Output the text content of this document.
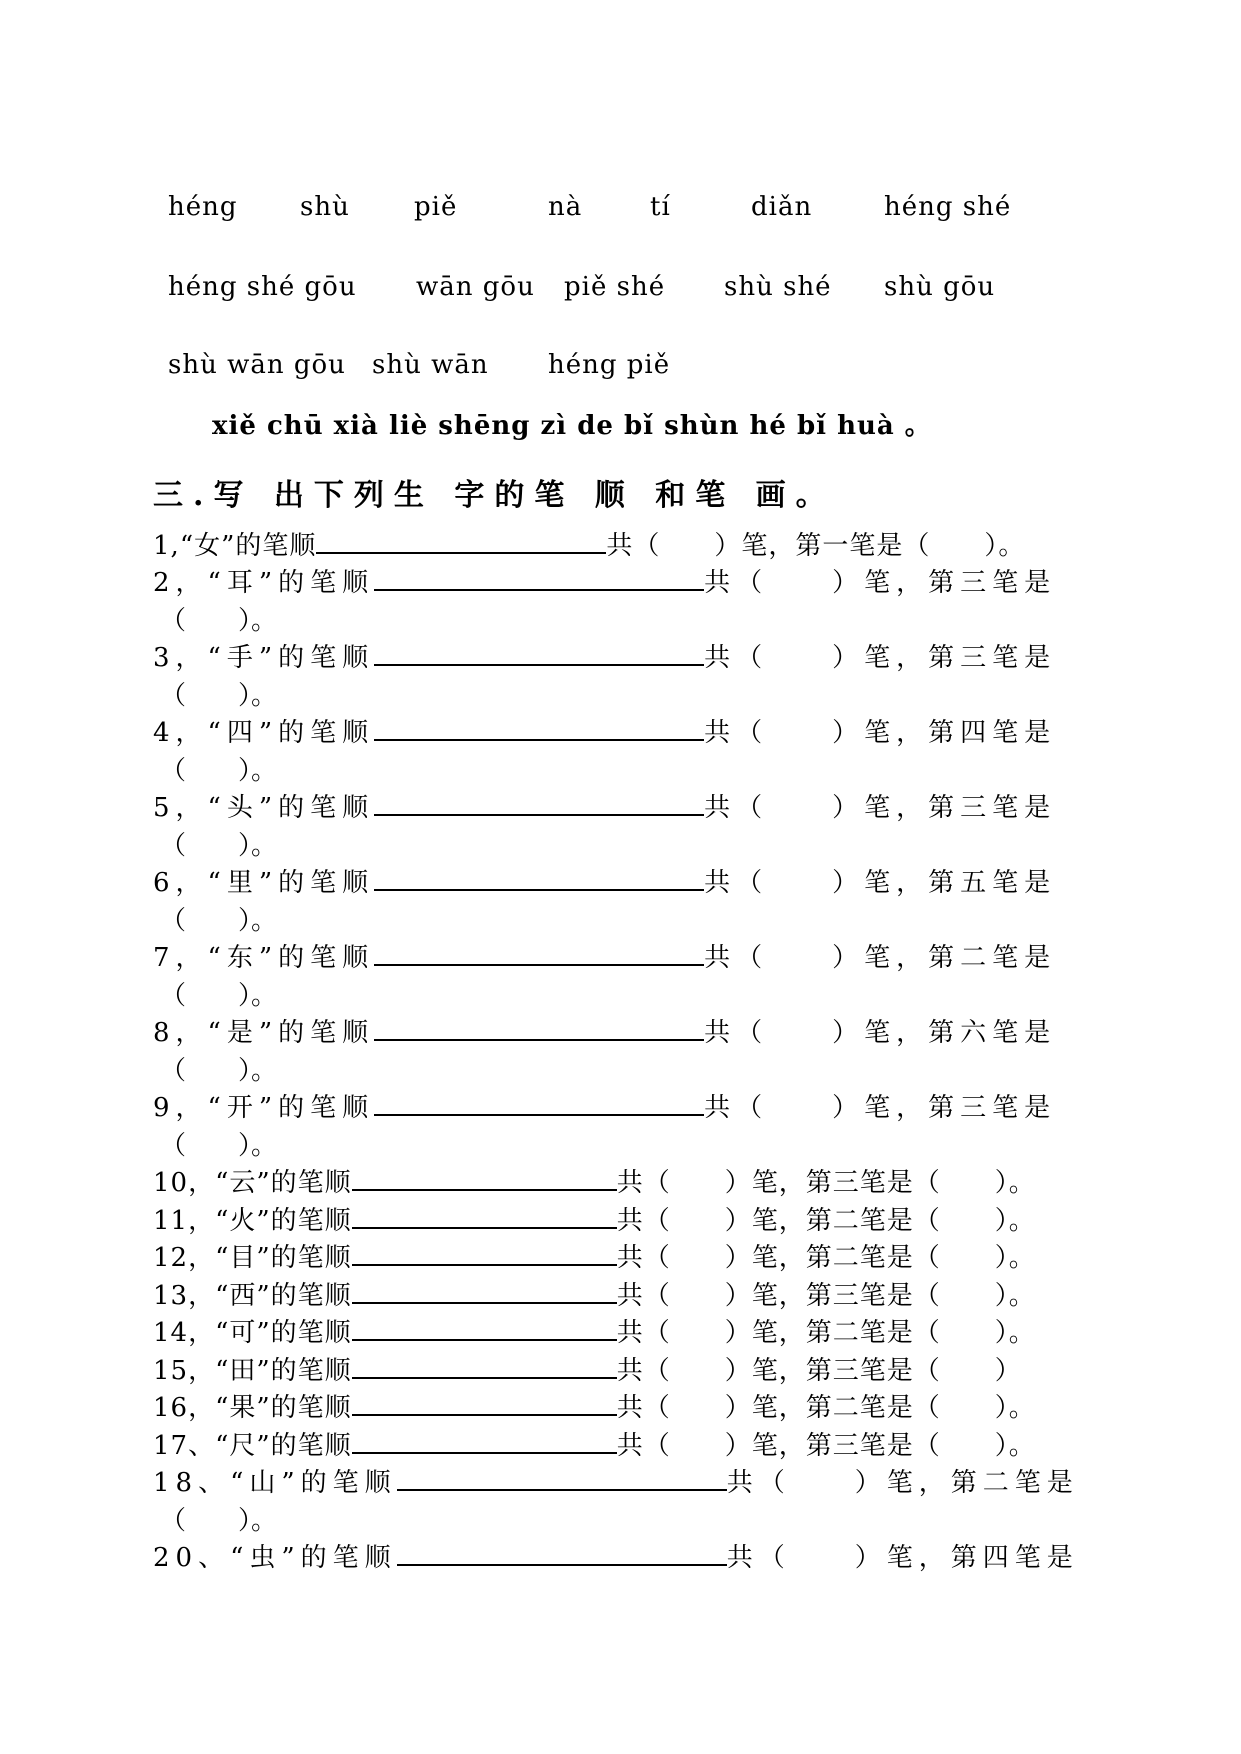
héng shù piě	nà	tí	diǎn	héng shé
héng shé gōu wān gōu piě shé shù shé shù gōu
shù wān gōu shù wān héng piě
xiě chū xià liè shēng zì de bǐ shùn hé bǐ huà 。
三.写 出下列生 字的笔 顺 和笔 画。
1,“女”的笔顺	共（　　）笔，第一笔是（　　）。
2，“耳”的笔顺	共（　　）笔，第三笔是
（　　）。
3，“手”的笔顺	共（　　）笔，第三笔是
（　　）。
4，“四”的笔顺	共（　　）笔，第四笔是
（　　）。
5，“头”的笔顺	共（　　）笔，第三笔是
（　　）。
6，“里”的笔顺	共（　　）笔，第五笔是
（　　）。
7，“东”的笔顺	共（　　）笔，第二笔是
（　　）。
8，“是”的笔顺	共（　　）笔，第六笔是
（　　）。
9，“开”的笔顺	共（　　）笔，第三笔是
（　　）。
10，“云”的笔顺	共（　　）笔，第三笔是（　　）。
11，“火”的笔顺	共（　　）笔，第二笔是（　　）。
12，“目”的笔顺	共（　　）笔，第二笔是（　　）。
13，“西”的笔顺	共（　　）笔，第三笔是（　　）。
14，“可”的笔顺	共（　　）笔，第二笔是（　　）。
15，“田”的笔顺	共（　　）笔，第三笔是（　　）
16，“果”的笔顺	共（　　）笔，第二笔是（　　）。
17、“尺”的笔顺	共（　　）笔，第三笔是（　　）。
18、“山”的笔顺	共（　　）笔，第二笔是
（　　）。
20、“虫”的笔顺	共（　　）笔，第四笔是
